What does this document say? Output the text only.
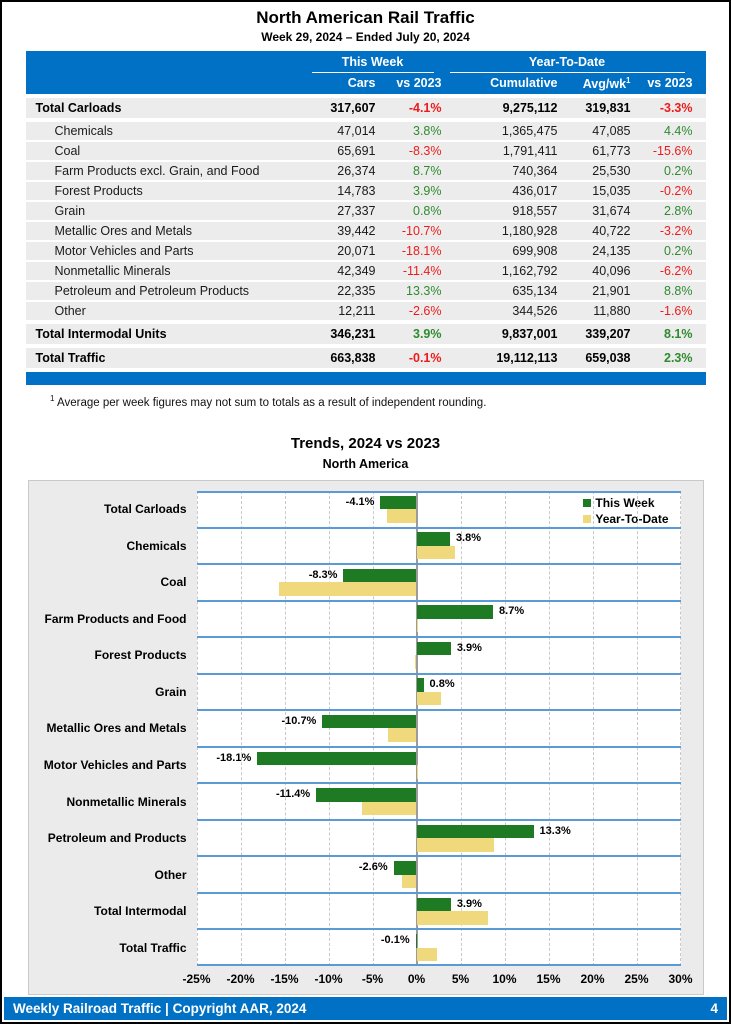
North American Rail Traffic
Week 29, 2024 – Ended July 20, 2024
This Week	Year-To-Date
Cars	vs 2023	Cumulative	Avg/$wk^1$	vs 2023
Total Carloads	317,607	-4.1%	9,275,112	319,831	-3.3%
Chemicals	47,014	3.8%	1,365,475	47,085	4.4%
Coal	65,691	-8.3%	1,791,411	61,773	-15.6%
Farm Products excl. Grain, and Food	26,374	8.7%	740,364	25,530	0.2%
Forest Products	14,783	3.9%	436,017	15,035	-0.2%
Grain	27,337	0.8%	918,557	31,674	2.8%
Metallic Ores and Metals	39,442	-10.7%	1,180,928	40,722	-3.2%
Motor Vehicles and Parts	20,071	-18.1%	699,908	24,135	0.2%
Nonmetallic Minerals	42,349	-11.4%	1,162,792	40,096	-6.2%
Petroleum and Petroleum Products	22,335	13.3%	635,134	21,901	8.8%
Other	12,211	-2.6%	344,526	11,880	-1.6%
Total Intermodal Units	346,231	3.9%	9,837,001	339,207	8.1%
Total Traffic	663,838	-0.1%	19,112,113	659,038	2.3%
$^1$ Average per week figures may not sum to totals as a result of independent rounding.
Trends, 2024 vs 2023
North America
This Week
Year-To-Date
-4.1%
3.8%
-8.3%
8.7%
3.9%
0.8%
-10.7%
-18.1%
-11.4%
13.3%
-2.6%
3.9%
-0.1%
-25% -20% -15% -10% -5% 0% 5% 10% 15% 20% 25% 30%
Total Carloads
Chemicals
Coal
Farm Products and Food
Forest Products
Grain
Metallic Ores and Metals
Motor Vehicles and Parts
Nonmetallic Minerals
Petroleum and Products
Other
Total Intermodal
Total Traffic
Weekly Railroad Traffic | Copyright AAR, 2024	4
